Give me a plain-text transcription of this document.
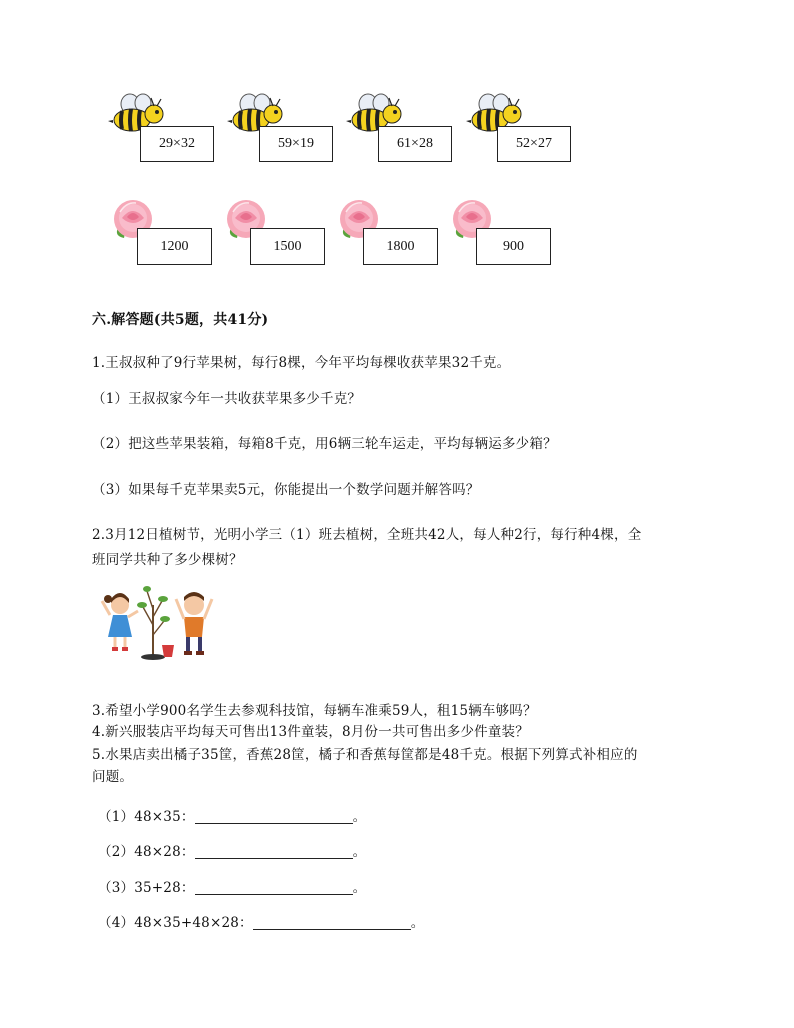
29×32	59×19	61×28	52×27
1200	1500	1800	900
六.解答题(共5题，共41分)
1.王叔叔种了9行苹果树，每行8棵，今年平均每棵收获苹果32千克。
（1）王叔叔家今年一共收获苹果多少千克？
（2）把这些苹果装箱，每箱8千克，用6辆三轮车运走，平均每辆运多少箱？
（3）如果每千克苹果卖5元，你能提出一个数学问题并解答吗？
2.3月12日植树节，光明小学三（1）班去植树，全班共42人，每人种2行，每行种4棵，全
班同学共种了多少棵树？
3.希望小学900名学生去参观科技馆，每辆车准乘59人，租15辆车够吗？
4.新兴服装店平均每天可售出13件童装，8月份一共可售出多少件童装？
5.水果店卖出橘子35筐，香蕉28筐，橘子和香蕉每筐都是48千克。根据下列算式补相应的
问题。
（1）48×35：	。
（2）48×28：	。
（3）35+28：	。
（4）48×35+48×28：	。
